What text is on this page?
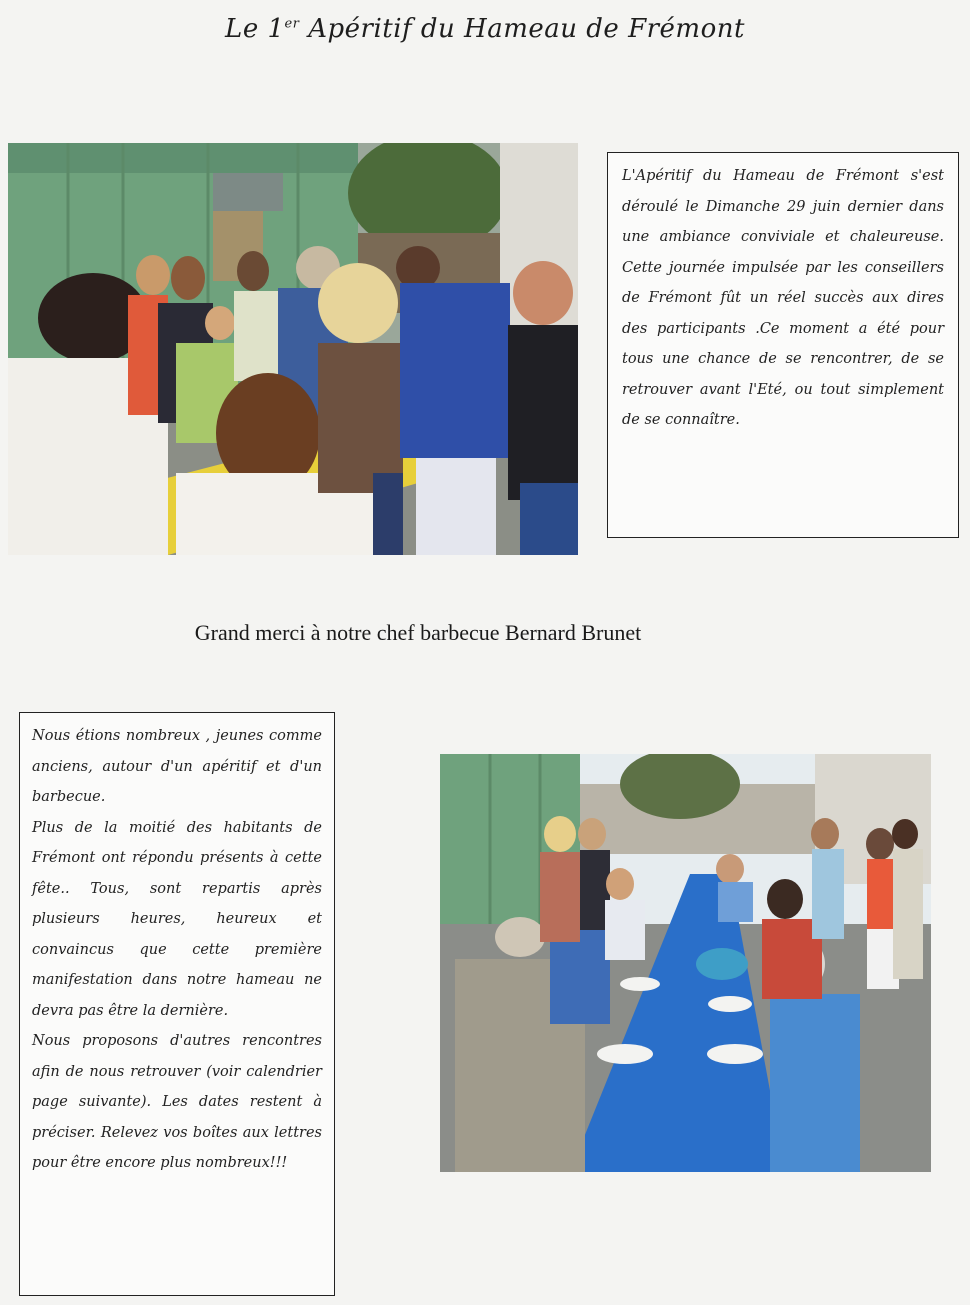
Le 1er Apéritif du Hameau de Frémont

L'Apéritif du Hameau de Frémont s'est déroulé le Dimanche 29 juin dernier dans une ambiance conviviale et chaleureuse. Cette journée impulsée par les conseillers de Frémont fût un réel succès aux dires des participants .Ce moment a été pour tous une chance de se rencontrer, de se retrouver avant l'Eté, ou tout simplement de se connaître.

Grand merci à notre chef barbecue Bernard Brunet

Nous étions nombreux , jeunes comme anciens, autour d'un apéritif et d'un barbecue.

Plus de la moitié des habitants de Frémont ont répondu présents à cette fête.. Tous, sont repartis après plusieurs heures, heureux et convaincus que cette première manifestation dans notre hameau ne devra pas être la dernière.

Nous proposons d'autres rencontres afin de nous retrouver (voir calendrier page suivante). Les dates restent à préciser. Relevez vos boîtes aux lettres pour être encore plus nombreux!!!
